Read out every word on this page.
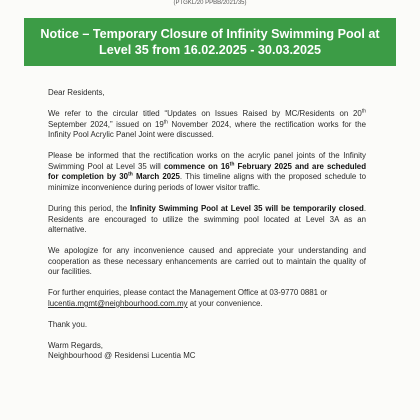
(PTGKL/20 PPBB/2021/35)
Notice – Temporary Closure of Infinity Swimming Pool at
Level 35 from 16.02.2025 - 30.03.2025

Dear Residents,

We refer to the circular titled “Updates on Issues Raised by MC/Residents on 20th September 2024,” issued on 19th November 2024, where the rectification works for the Infinity Pool Acrylic Panel Joint were discussed.

Please be informed that the rectification works on the acrylic panel joints of the Infinity Swimming Pool at Level 35 will commence on 16th February 2025 and are scheduled for completion by 30th March 2025. This timeline aligns with the proposed schedule to minimize inconvenience during periods of lower visitor traffic.

During this period, the Infinity Swimming Pool at Level 35 will be temporarily closed. Residents are encouraged to utilize the swimming pool located at Level 3A as an alternative.

We apologize for any inconvenience caused and appreciate your understanding and cooperation as these necessary enhancements are carried out to maintain the quality of our facilities.

For further enquiries, please contact the Management Office at 03-9770 0881 or lucentia.mgmt@neighbourhood.com.my at your convenience.

Thank you.

Warm Regards,
Neighbourhood @ Residensi Lucentia MC
